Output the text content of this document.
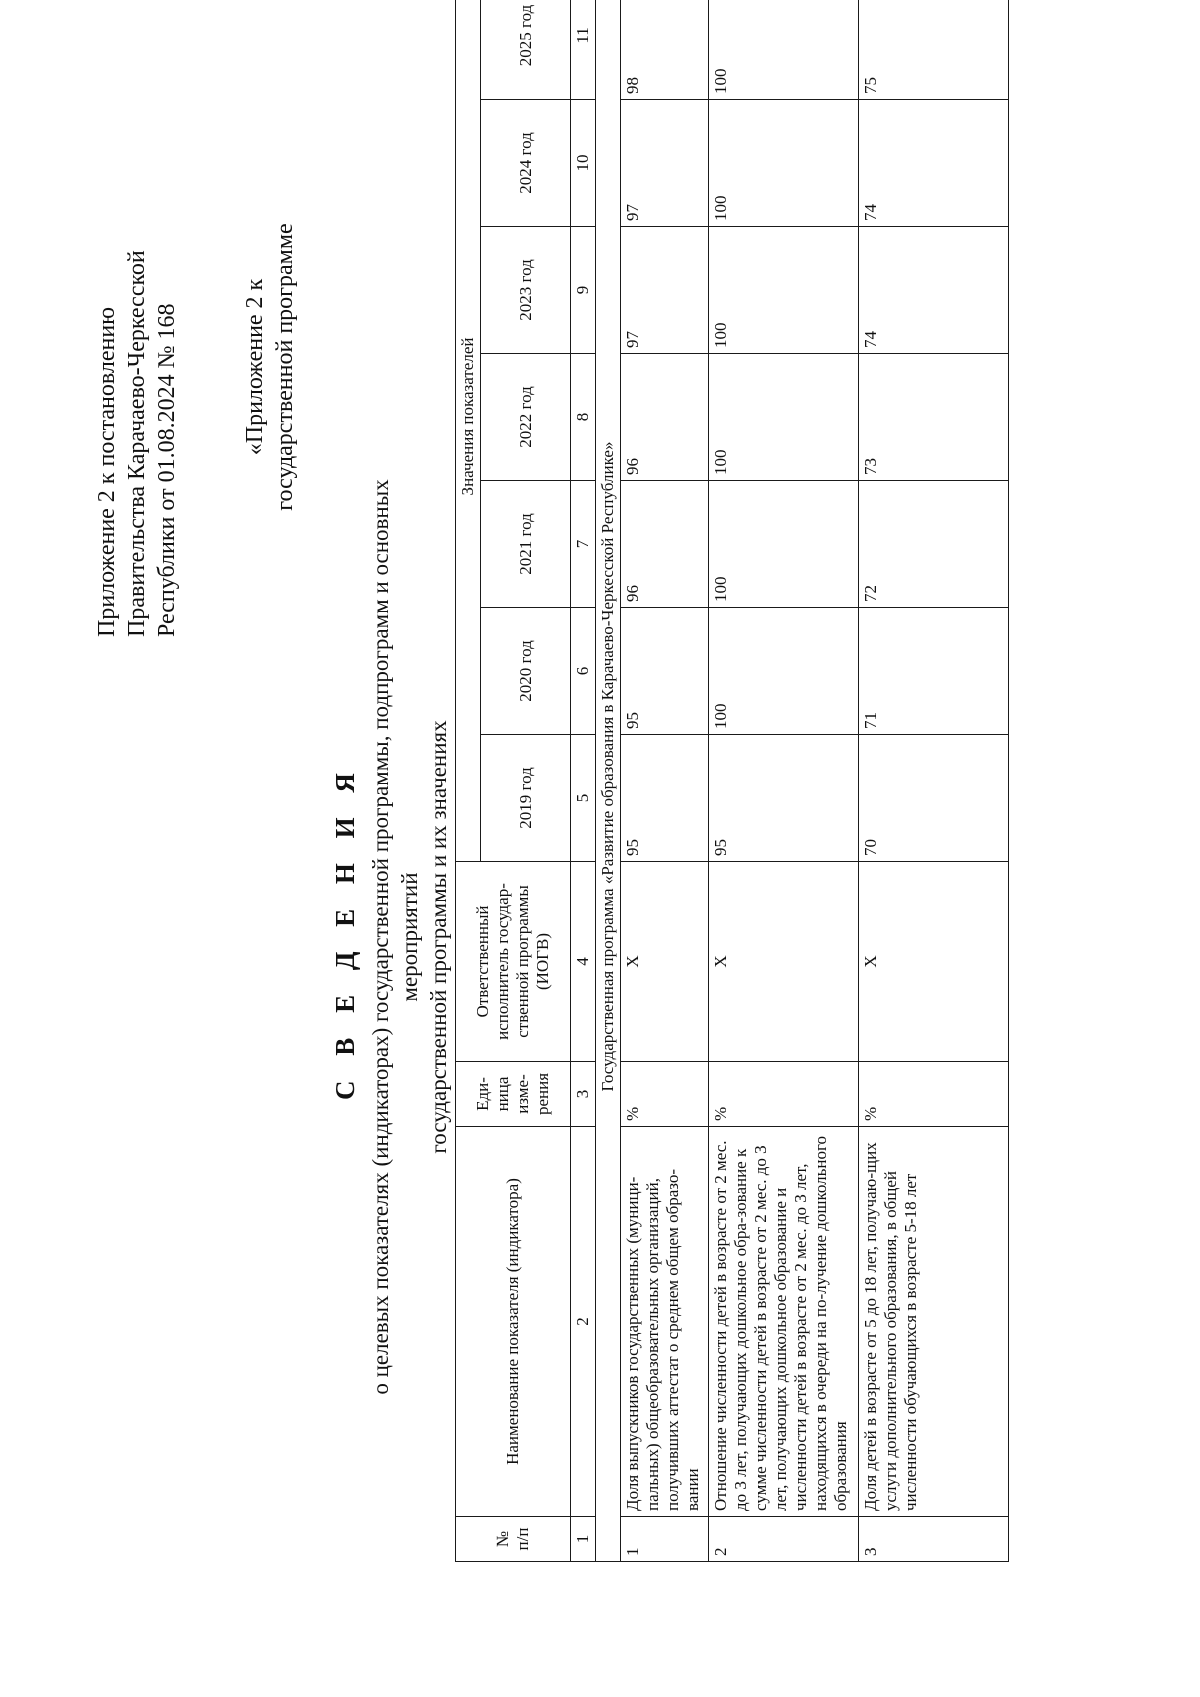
Приложение 2 к постановлению Правительства Карачаево-Черкесской Республики от 01.08.2024 № 168	«Приложение 2 к государственной программе
С В Е Д Е Н И Я о целевых показателях (индикаторах) государственной программы, подпрограмм и основных мероприятий государственной программы и их значениях
№ п/п	Наименование показателя (индикатора)	Еди-ница изме-рения	Ответственный исполнитель государ-ственной программы (ИОГВ)	Значения показателей						
				2019 год	2020 год	2021 год	2022 год	2023 год	2024 год	2025 год
1	2	3	4	5	6	7	8	9	10	11
Государственная программа «Развитие образования в Карачаево-Черкесской Республике»										
1	Доля выпускников государственных (муници-пальных) общеобразовательных организаций, получивших аттестат о среднем общем образо-вании	%	Х	95	95	96	96	97	97	98
2	Отношение численности детей в возрасте от 2 мес. до 3 лет, получающих дошкольное обра-зование к сумме численности детей в возрасте от 2 мес. до 3 лет, получающих дошкольное образование и численности детей в возрасте от 2 мес. до 3 лет, находящихся в очереди на по-лучение дошкольного образования	%	Х	95	100	100	100	100	100	100
3	Доля детей в возрасте от 5 до 18 лет, получаю-щих услуги дополнительного образования, в общей численности обучающихся в возрасте 5-18 лет	%	Х	70	71	72	73	74	74	75
